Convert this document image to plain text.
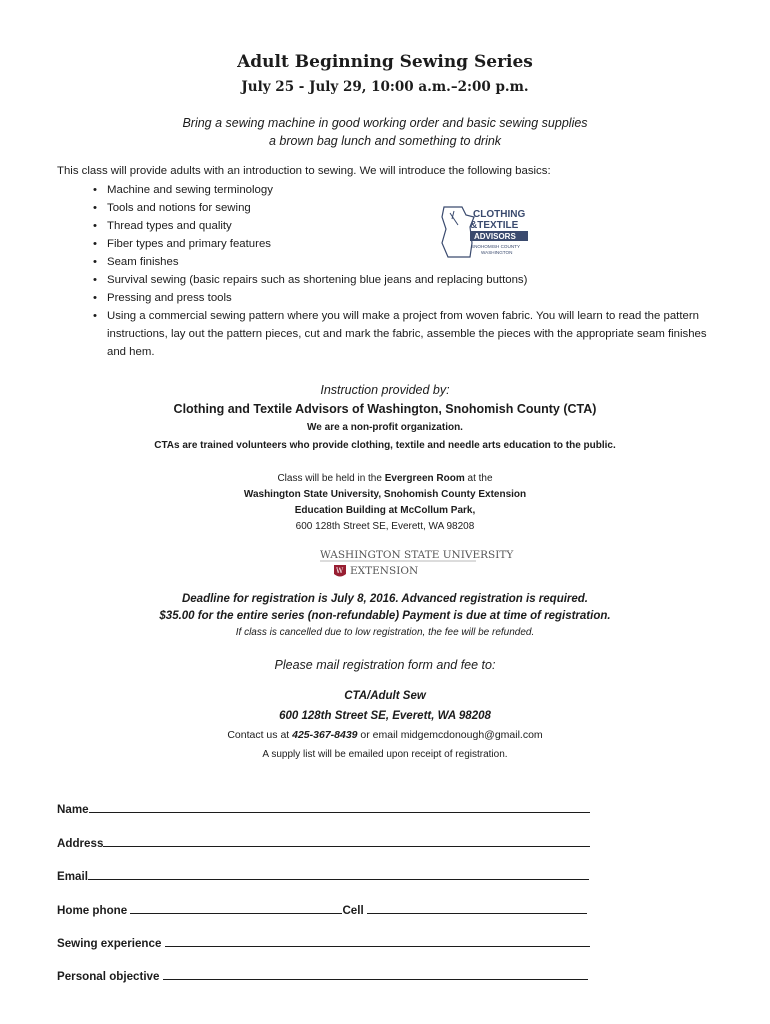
Adult Beginning Sewing Series
July 25 - July 29, 10:00 a.m.–2:00 p.m.
Bring a sewing machine in good working order and basic sewing supplies
a brown bag lunch and something to drink
This class will provide adults with an introduction to sewing. We will introduce the following basics:
• Machine and sewing terminology
• Tools and notions for sewing
• Thread types and quality
• Fiber types and primary features
• Seam finishes
• Survival sewing (basic repairs such as shortening blue jeans and replacing buttons)
• Pressing and press tools
• Using a commercial sewing pattern where you will make a project from woven fabric. You will learn to read the pattern instructions, lay out the pattern pieces, cut and mark the fabric, assemble the pieces with the appropriate seam finishes and hem.
CLOTHING
&TEXTILE
ADVISORS
SNOHOMISH COUNTY
WASHINGTON
Instruction provided by:
Clothing and Textile Advisors of Washington, Snohomish County (CTA)
We are a non-profit organization.
CTAs are trained volunteers who provide clothing, textile and needle arts education to the public.
Class will be held in the Evergreen Room at the
Washington State University, Snohomish County Extension
Education Building at McCollum Park,
600 128th Street SE, Everett, WA 98208
WASHINGTON STATE UNIVERSITY
W EXTENSION
Deadline for registration is July 8, 2016. Advanced registration is required.
$35.00 for the entire series (non-refundable) Payment is due at time of registration.
If class is cancelled due to low registration, the fee will be refunded.
Please mail registration form and fee to:
CTA/Adult Sew
600 128th Street SE, Everett, WA 98208
Contact us at 425-367-8439 or email midgemcdonough@gmail.com
A supply list will be emailed upon receipt of registration.
Name
Address
Email
Home phone	Cell
Sewing experience
Personal objective
